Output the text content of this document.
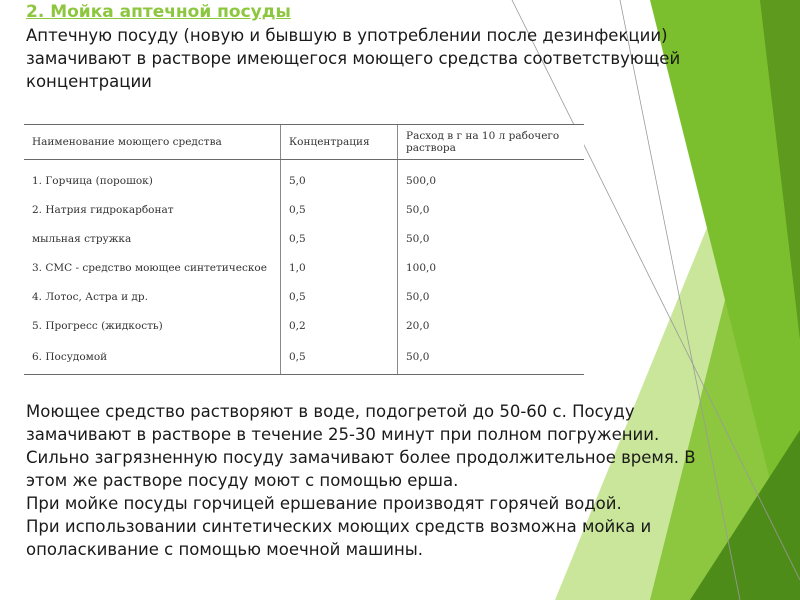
2. Мойка аптечной посуды

Аптечную посуду (новую и бывшую в употреблении после дезинфекции) замачивают в растворе имеющегося моющего средства соответствующей концентрации

Наименование моющего средства	Концентрация	Расход в г на 10 л рабочего раствора
1. Горчица (порошок)	5,0	500,0
2. Натрия гидрокарбонат	0,5	50,0
мыльная стружка	0,5	50,0
3. СМС - средство моющее синтетическое	1,0	100,0
4. Лотос, Астра и др.	0,5	50,0
5. Прогресс (жидкость)	0,2	20,0
6. Посудомой	0,5	50,0

Моющее средство растворяют в воде, подогретой до 50-60 с. Посуду замачивают в растворе в течение 25-30 минут при полном погружении. Сильно загрязненную посуду замачивают более продолжительное время. В этом же растворе посуду моют с помощью ерша.

При мойке посуды горчицей ершевание производят горячей водой.

При использовании синтетических моющих средств возможна мойка и ополаскивание с помощью моечной машины.
